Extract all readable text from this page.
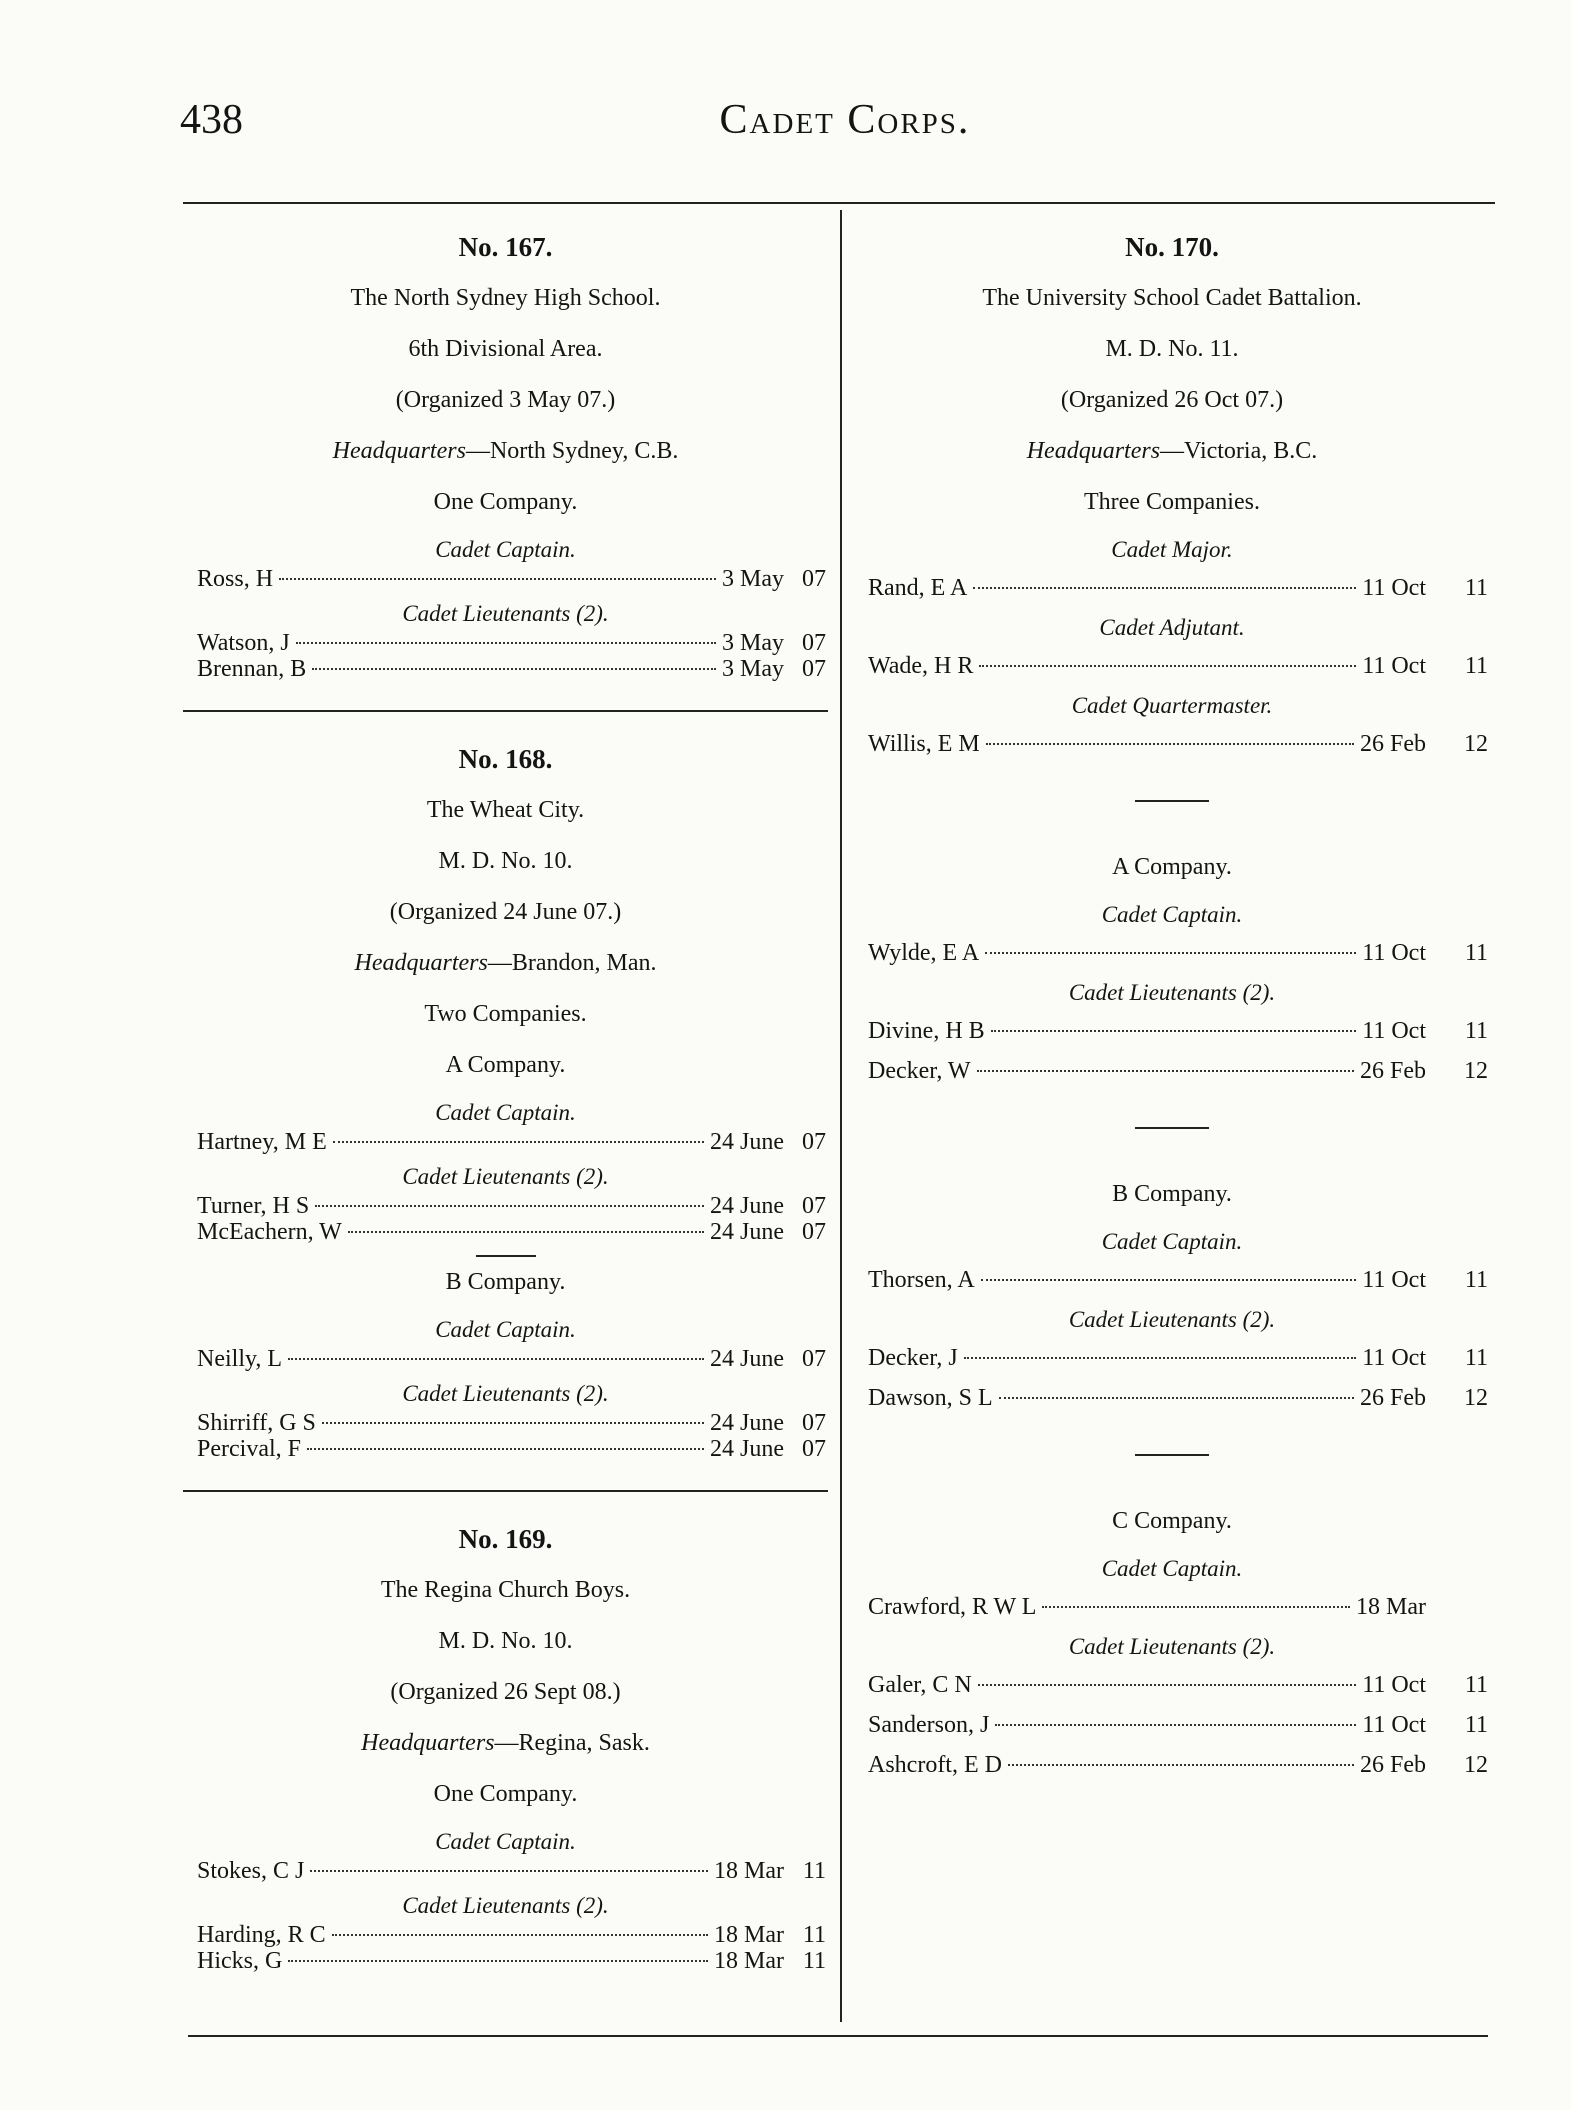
438	Cadet Corps.
No. 167.
The North Sydney High School.
6th Divisional Area.
(Organized 3 May 07.)
Headquarters—North Sydney, C.B.
One Company.
Cadet Captain.
Ross, H	3 May 07
Cadet Lieutenants (2).
Watson, J	3 May 07
Brennan, B	3 May 07
No. 168.
The Wheat City.
M. D. No. 10.
(Organized 24 June 07.)
Headquarters—Brandon, Man.
Two Companies.
A Company.
Cadet Captain.
Hartney, M E	24 June 07
Cadet Lieutenants (2).
Turner, H S	24 June 07
McEachern, W	24 June 07
B Company.
Cadet Captain.
Neilly, L	24 June 07
Cadet Lieutenants (2).
Shirriff, G S	24 June 07
Percival, F	24 June 07
No. 169.
The Regina Church Boys.
M. D. No. 10.
(Organized 26 Sept 08.)
Headquarters—Regina, Sask.
One Company.
Cadet Captain.
Stokes, C J	18 Mar 11
Cadet Lieutenants (2).
Harding, R C	18 Mar 11
Hicks, G	18 Mar 11
No. 170.
The University School Cadet Battalion.
M. D. No. 11.
(Organized 26 Oct 07.)
Headquarters—Victoria, B.C.
Three Companies.
Cadet Major.
Rand, E A	11 Oct	11
Cadet Adjutant.
Wade, H R	11 Oct	11
Cadet Quartermaster.
Willis, E M	26 Feb	12
A Company.
Cadet Captain.
Wylde, E A	11 Oct	11
Cadet Lieutenants (2).
Divine, H B	11 Oct	11
Decker, W	26 Feb	12
B Company.
Cadet Captain.
Thorsen, A	11 Oct	11
Cadet Lieutenants (2).
Decker, J	11 Oct	11
Dawson, S L	26 Feb	12
C Company.
Cadet Captain.
Crawford, R W L	18 Mar
Cadet Lieutenants (2).
Galer, C N	11 Oct	11
Sanderson, J	11 Oct	11
Ashcroft, E D	26 Feb	12
